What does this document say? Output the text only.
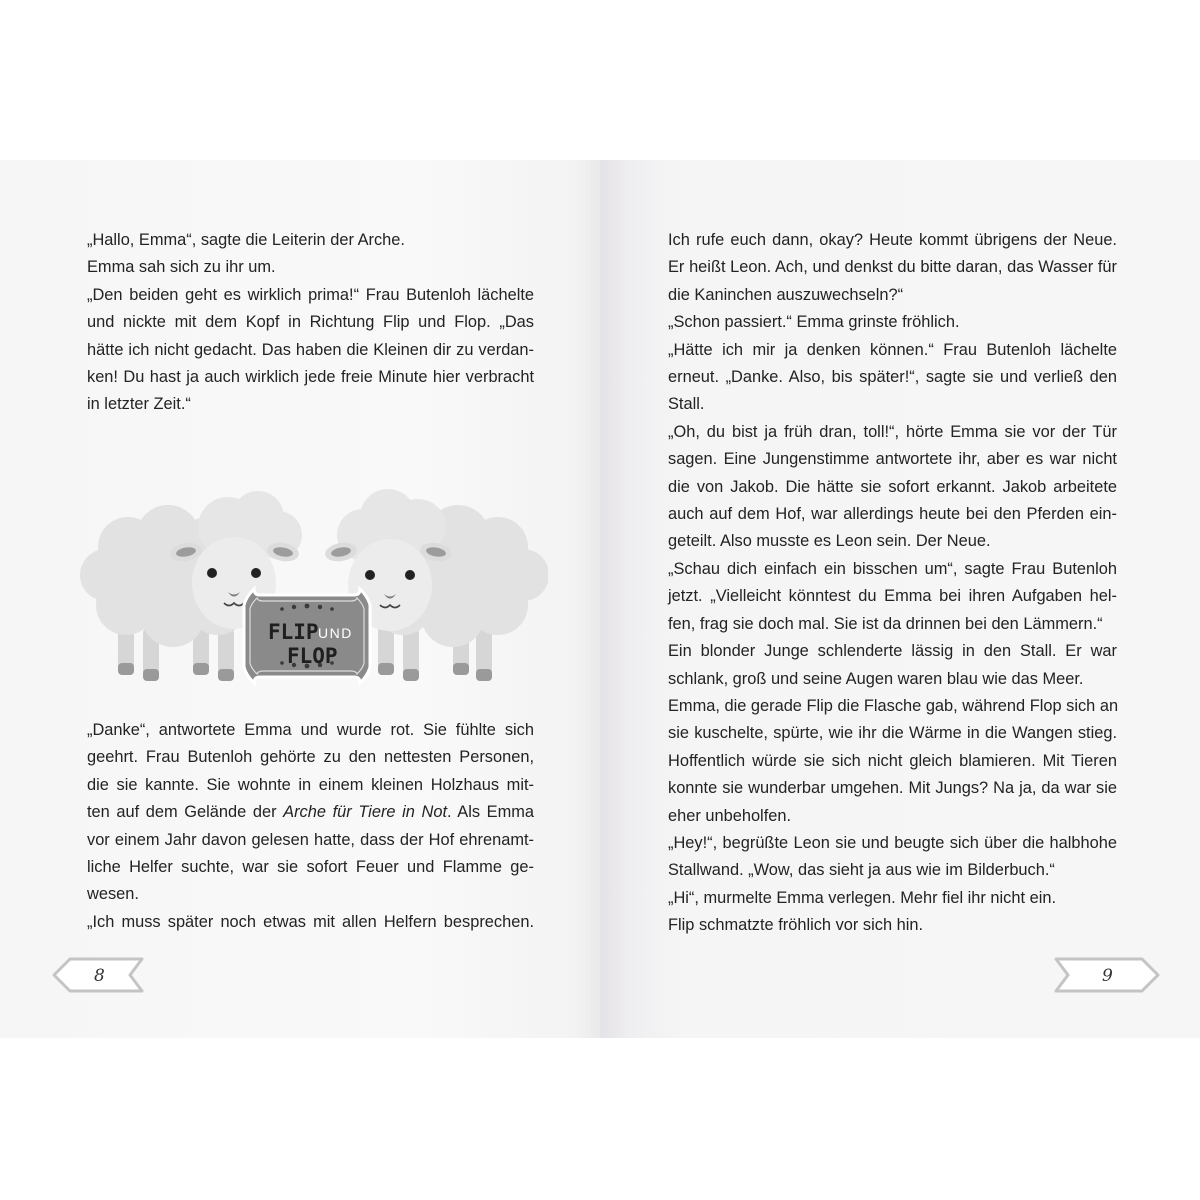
„Hallo, Emma“, sagte die Leiterin der Arche.
Emma sah sich zu ihr um.
„Den beiden geht es wirklich prima!“ Frau Butenloh lächelte
und nickte mit dem Kopf in Richtung Flip und Flop. „Das
hätte ich nicht gedacht. Das haben die Kleinen dir zu verdan-
ken! Du hast ja auch wirklich jede freie Minute hier verbracht
in letzter Zeit.“
FLIP UND
FLOP
„Danke“, antwortete Emma und wurde rot. Sie fühlte sich
geehrt. Frau Butenloh gehörte zu den nettesten Personen,
die sie kannte. Sie wohnte in einem kleinen Holzhaus mit-
ten auf dem Gelände der Arche für Tiere in Not. Als Emma
vor einem Jahr davon gelesen hatte, dass der Hof ehrenamt-
liche Helfer suchte, war sie sofort Feuer und Flamme ge-
wesen.
„Ich muss später noch etwas mit allen Helfern besprechen.
8
Ich rufe euch dann, okay? Heute kommt übrigens der Neue.
Er heißt Leon. Ach, und denkst du bitte daran, das Wasser für
die Kaninchen auszuwechseln?“
„Schon passiert.“ Emma grinste fröhlich.
„Hätte ich mir ja denken können.“ Frau Butenloh lächelte
erneut. „Danke. Also, bis später!“, sagte sie und verließ den
Stall.
„Oh, du bist ja früh dran, toll!“, hörte Emma sie vor der Tür
sagen. Eine Jungenstimme antwortete ihr, aber es war nicht
die von Jakob. Die hätte sie sofort erkannt. Jakob arbeitete
auch auf dem Hof, war allerdings heute bei den Pferden ein-
geteilt. Also musste es Leon sein. Der Neue.
„Schau dich einfach ein bisschen um“, sagte Frau Butenloh
jetzt. „Vielleicht könntest du Emma bei ihren Aufgaben hel-
fen, frag sie doch mal. Sie ist da drinnen bei den Lämmern.“
Ein blonder Junge schlenderte lässig in den Stall. Er war
schlank, groß und seine Augen waren blau wie das Meer.
Emma, die gerade Flip die Flasche gab, während Flop sich an
sie kuschelte, spürte, wie ihr die Wärme in die Wangen stieg.
Hoffentlich würde sie sich nicht gleich blamieren. Mit Tieren
konnte sie wunderbar umgehen. Mit Jungs? Na ja, da war sie
eher unbeholfen.
„Hey!“, begrüßte Leon sie und beugte sich über die halbhohe
Stallwand. „Wow, das sieht ja aus wie im Bilderbuch.“
„Hi“, murmelte Emma verlegen. Mehr fiel ihr nicht ein.
Flip schmatzte fröhlich vor sich hin.
9
